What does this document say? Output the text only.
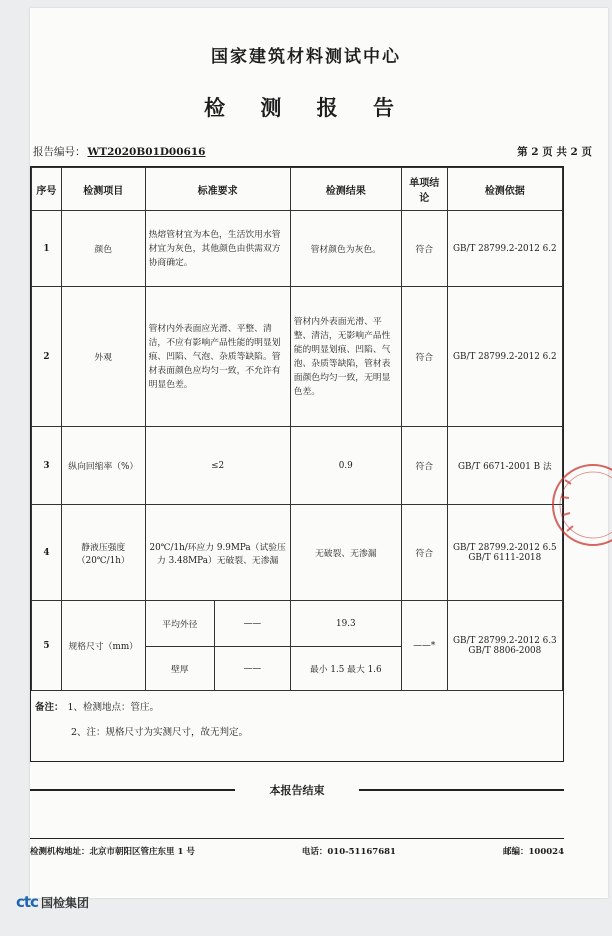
国家建筑材料测试中心
检 测 报 告
报告编号： WT2020B01D00616	第 2 页 共 2 页
序号	检测项目	标准要求		检测结果	单项结论	检测依据
1	颜色	热熔管材宜为本色，生活饮用水管材宜为灰色，其他颜色由供需双方协商确定。		管材颜色为灰色。	符合	GB/T 28799.2-2012 6.2
2	外观	管材内外表面应光滑、平整、清洁，不应有影响产品性能的明显划痕、凹陷、气泡、杂质等缺陷。管材表面颜色应均匀一致，不允许有明显色差。		管材内外表面光滑、平整、清洁，无影响产品性能的明显划痕、凹陷、气泡、杂质等缺陷，管材表面颜色均匀一致，无明显色差。	符合	GB/T 28799.2-2012 6.2
3	纵向回缩率（%）	≤2		0.9	符合	GB/T 6671-2001 B 法
4	静液压强度（20℃/1h）	20℃/1h/环应力 9.9MPa（试验压力 3.48MPa）无破裂、无渗漏		无破裂、无渗漏	符合	GB/T 28799.2-2012 6.5 GB/T 6111-2018
5	规格尺寸（mm）	平均外径	——	19.3	——*	GB/T 28799.2-2012 6.3 GB/T 8806-2008
		壁厚	——	最小 1.5 最大 1.6		
备注： 1、检测地点：管庄。
2、注：规格尺寸为实测尺寸，故无判定。
本报告结束
检测机构地址：北京市朝阳区管庄东里 1 号	电话：010-51167681	邮编：100024
ctc 国检集团
